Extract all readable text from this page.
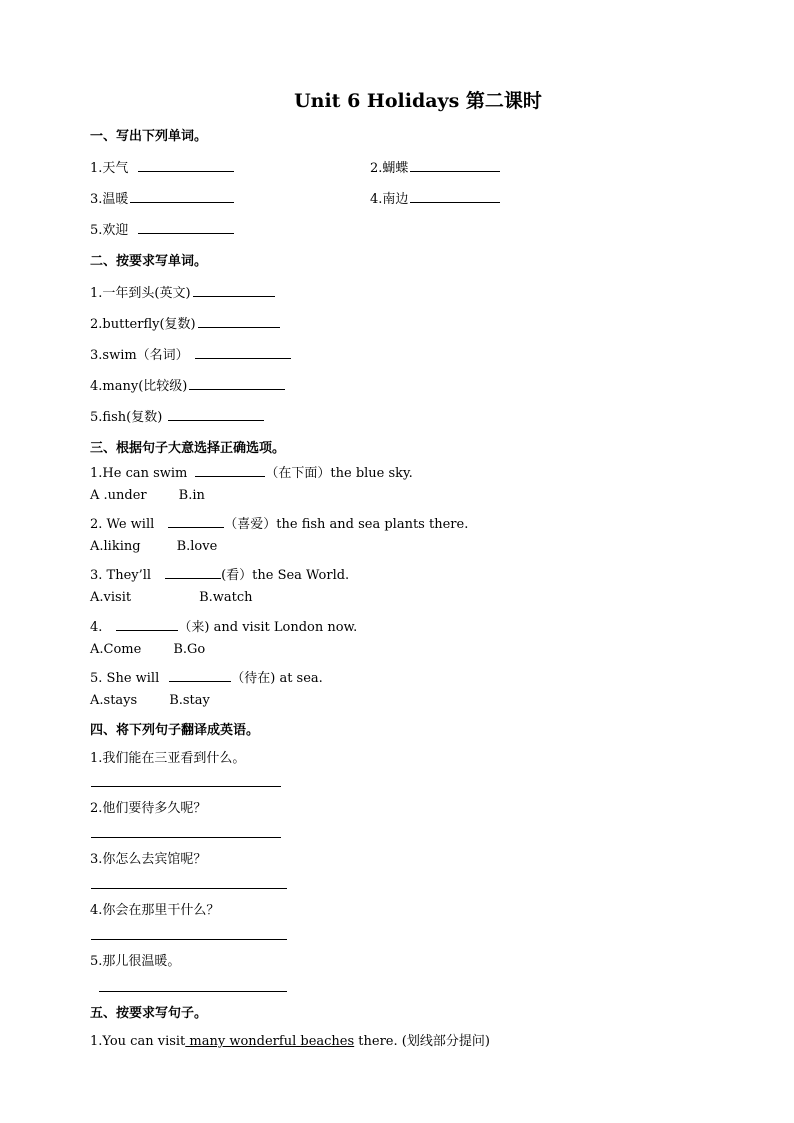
Unit 6 Holidays 第二课时
一、写出下列单词。
1.天气	2.蝴蝶
3.温暖	4.南边
5.欢迎
二、按要求写单词。
1.一年到头(英文)
2.butterfly(复数)
3.swim（名词）
4.many(比较级)
5.fish(复数)
三、根据句子大意选择正确选项。
1.He can swim	（在下面）the blue sky.
A .under B.in
2. We will	（喜爱）the fish and sea plants there.
A.liking	B.love
3. They’ll	(看）the Sea World.
A.visit	B.watch
4.	（来) and visit London now.
A.Come B.Go
5. She will	（待在) at sea.
A.stays B.stay
四、将下列句子翻译成英语。
1.我们能在三亚看到什么。
2.他们要待多久呢？
3.你怎么去宾馆呢？
4.你会在那里干什么？
5.那儿很温暖。
五、按要求写句子。
1.You can visit many wonderful beaches there. (划线部分提问)
